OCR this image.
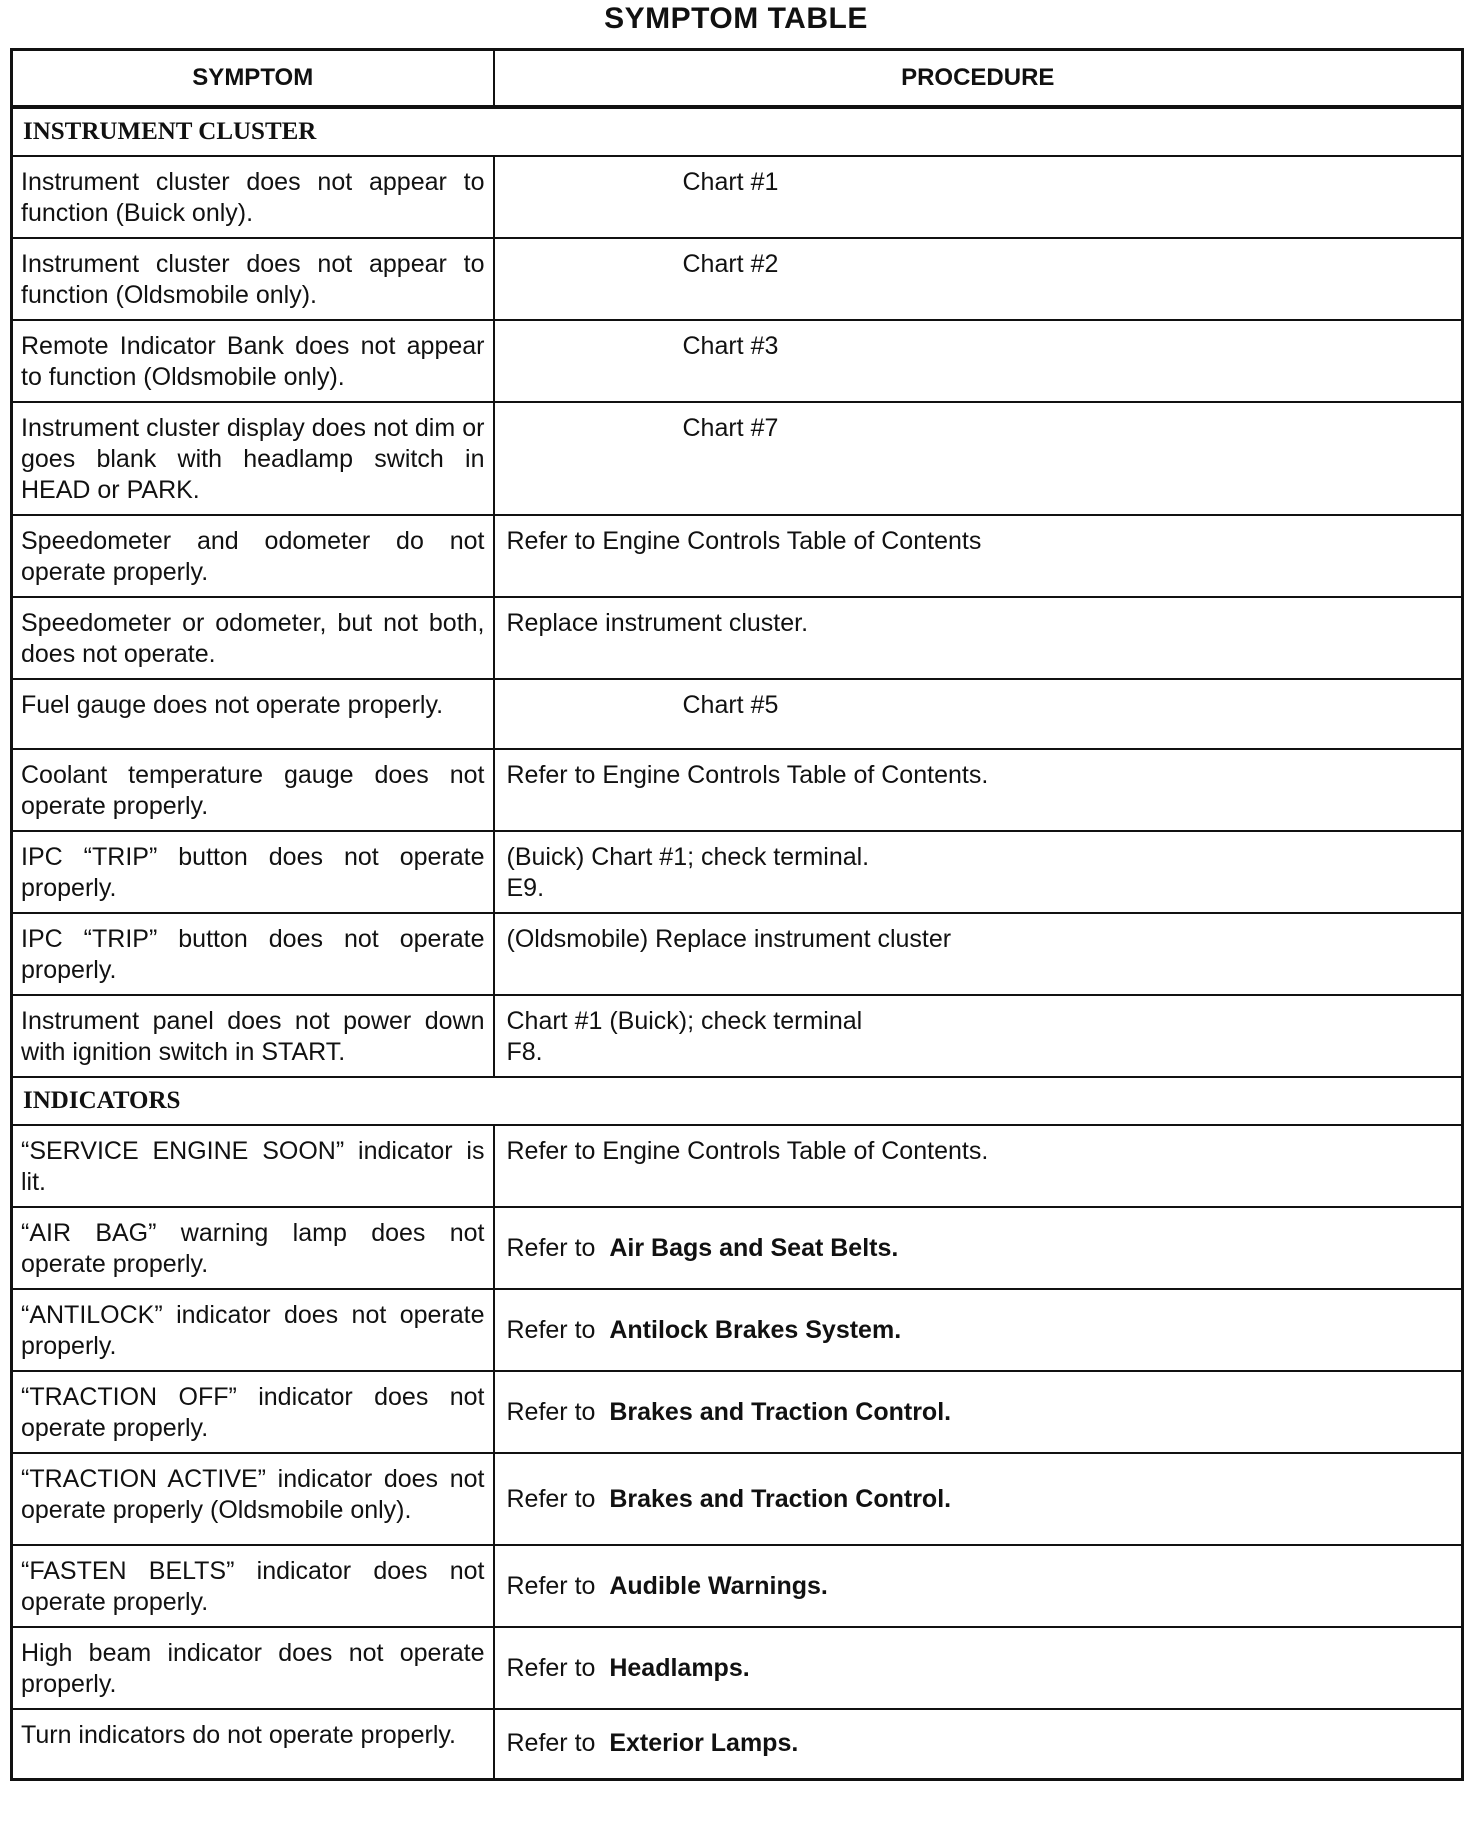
SYMPTOM TABLE
SYMPTOM	PROCEDURE
INSTRUMENT CLUSTER	
Instrument cluster does not appear to function (Buick only).	Chart #1
Instrument cluster does not appear to function (Oldsmobile only).	Chart #2
Remote Indicator Bank does not appear to function (Oldsmobile only).	Chart #3
Instrument cluster display does not dim or goes blank with headlamp switch in HEAD or PARK.	Chart #7
Speedometer and odometer do not operate properly.	Refer to Engine Controls Table of Contents
Speedometer or odometer, but not both, does not operate.	Replace instrument cluster.
Fuel gauge does not operate properly.	Chart #5
Coolant temperature gauge does not operate properly.	Refer to Engine Controls Table of Contents.
IPC “TRIP” button does not operate properly.	(Buick) Chart #1; check terminal.
E9.
IPC “TRIP” button does not operate properly.	(Oldsmobile) Replace instrument cluster
Instrument panel does not power down with ignition switch in START.	Chart #1 (Buick); check terminal
F8.
INDICATORS	
“SERVICE ENGINE SOON” indicator is lit.	Refer to Engine Controls Table of Contents.
“AIR BAG” warning lamp does not operate properly.	Refer to Air Bags and Seat Belts.
“ANTILOCK” indicator does not operate properly.	Refer to Antilock Brakes System.
“TRACTION OFF” indicator does not operate properly.	Refer to Brakes and Traction Control.
“TRACTION ACTIVE” indicator does not operate properly (Oldsmobile only).	Refer to Brakes and Traction Control.
“FASTEN BELTS” indicator does not operate properly.	Refer to Audible Warnings.
High beam indicator does not operate properly.	Refer to Headlamps.
Turn indicators do not operate properly.	Refer to Exterior Lamps.
